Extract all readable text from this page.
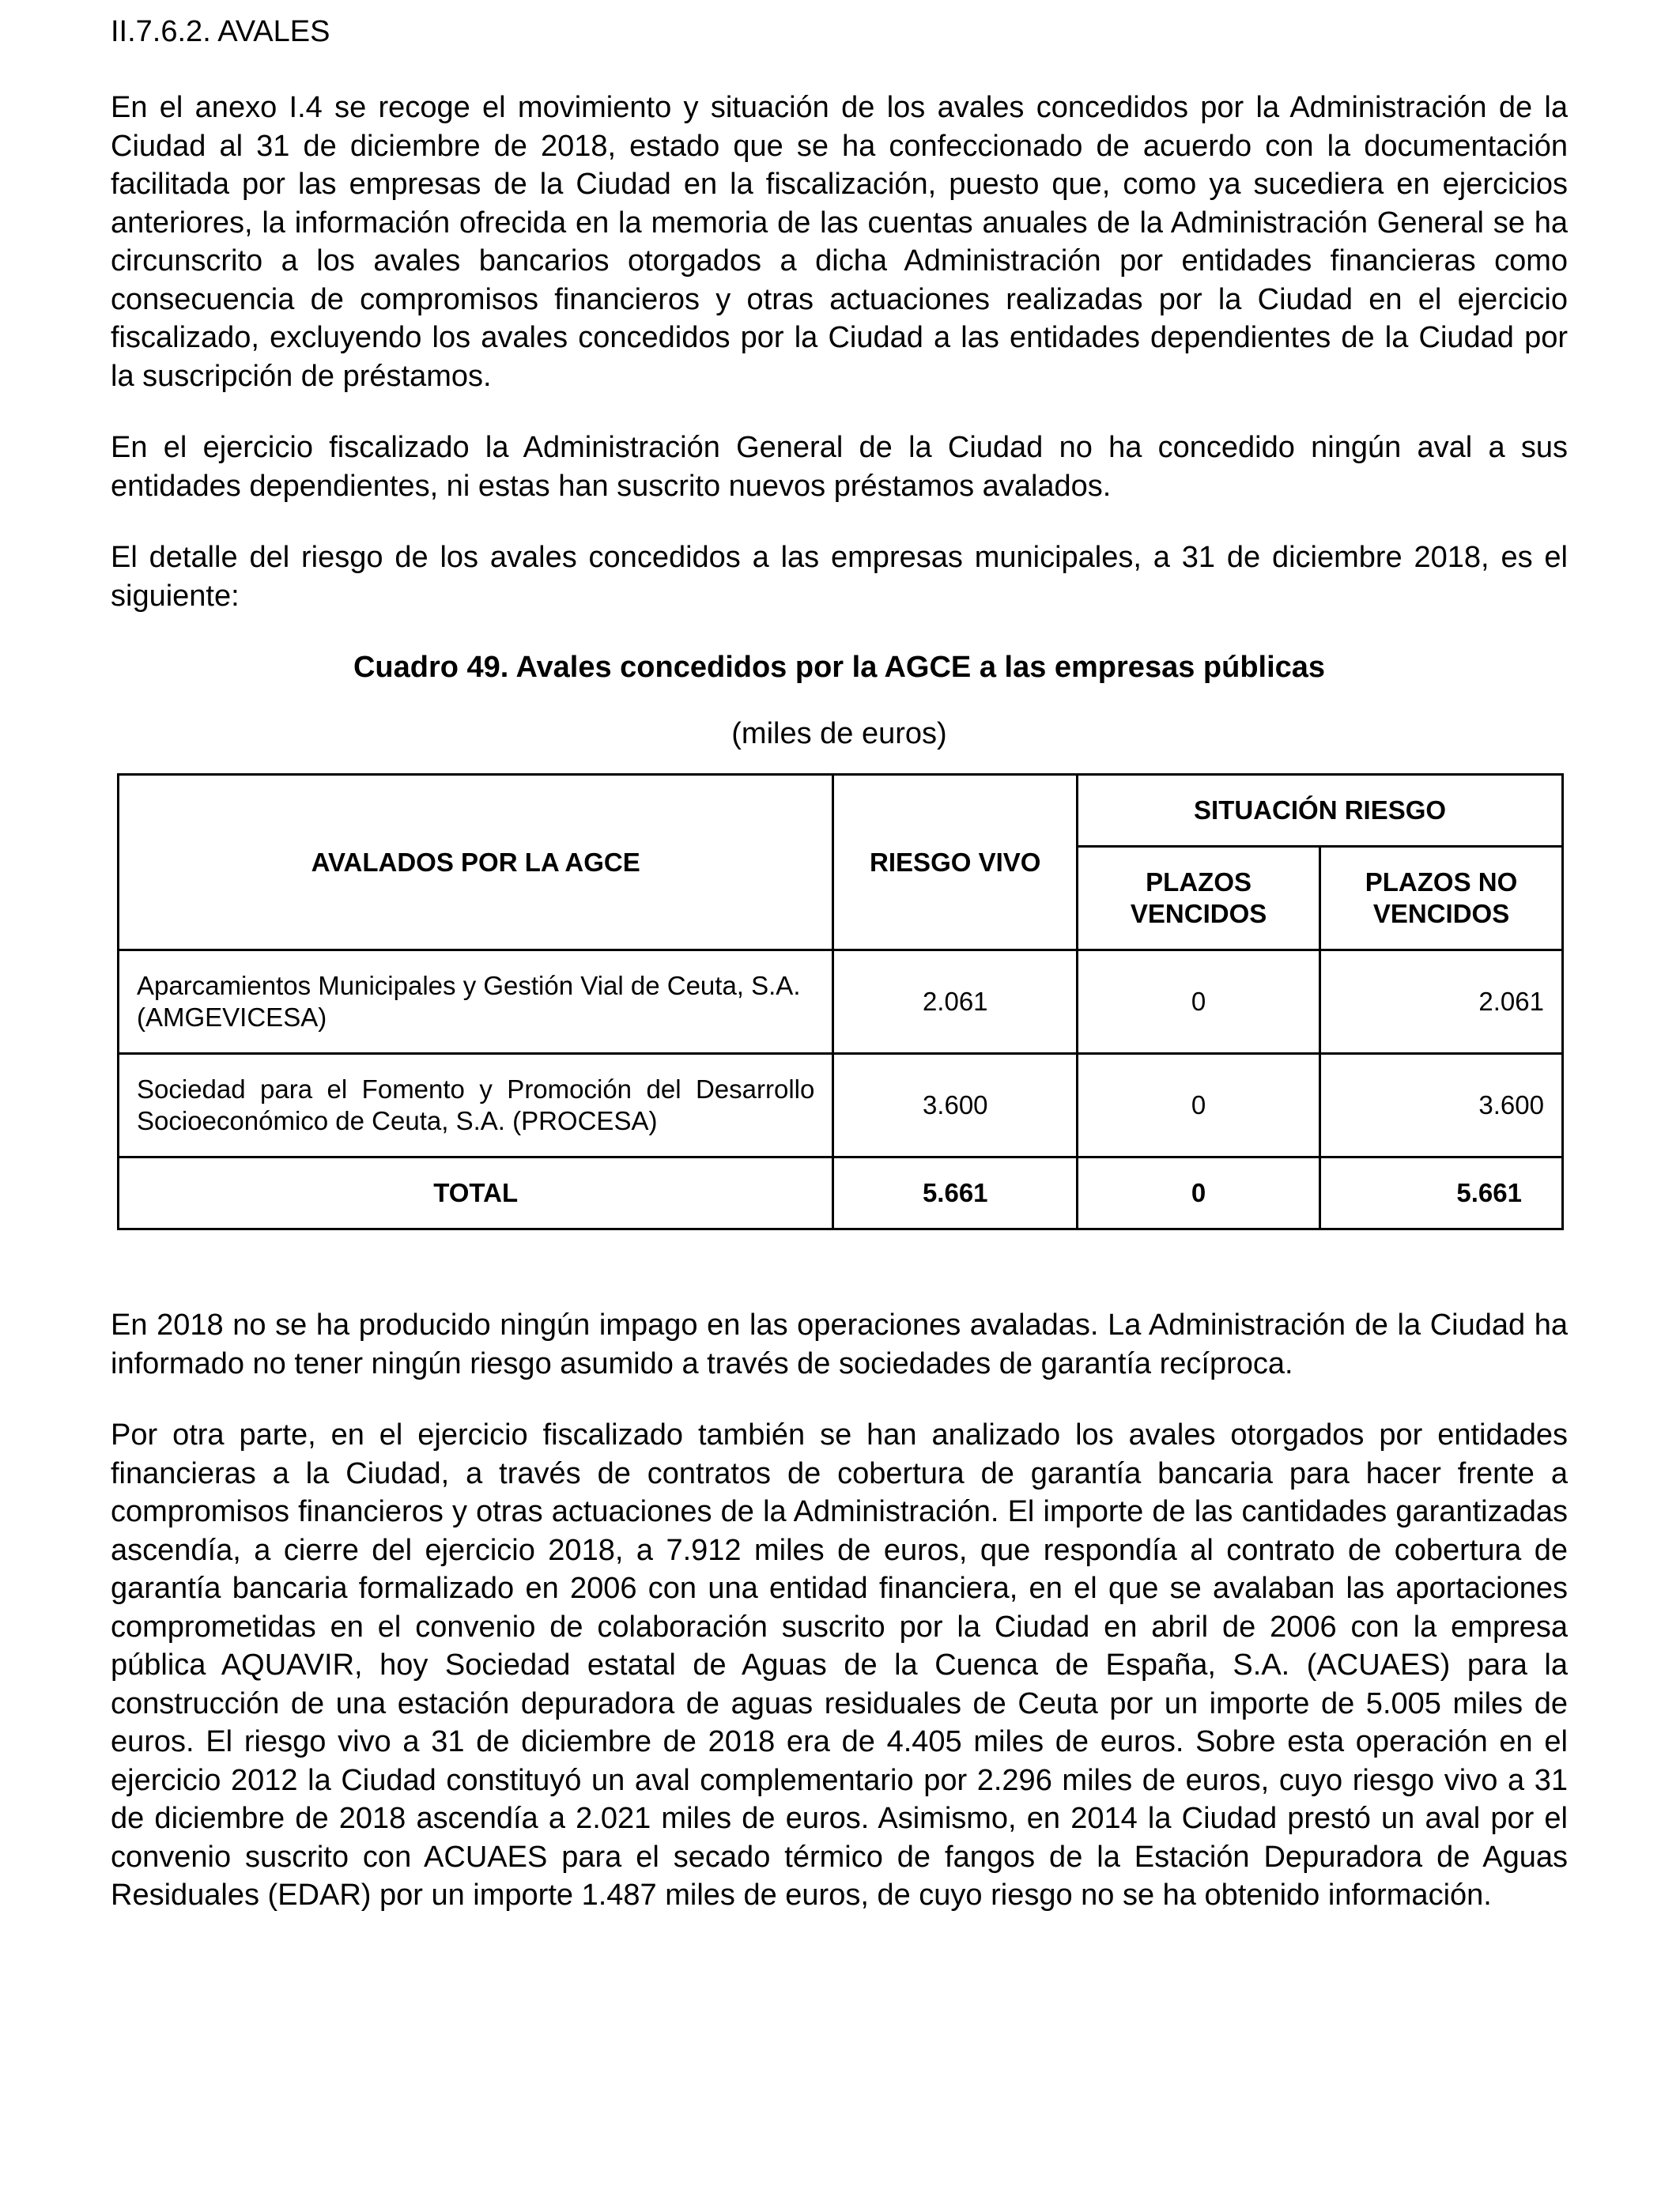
II.7.6.2. AVALES

En el anexo I.4 se recoge el movimiento y situación de los avales concedidos por la Administración de la Ciudad al 31 de diciembre de 2018, estado que se ha confeccionado de acuerdo con la documentación facilitada por las empresas de la Ciudad en la fiscalización, puesto que, como ya sucediera en ejercicios anteriores, la información ofrecida en la memoria de las cuentas anuales de la Administración General se ha circunscrito a los avales bancarios otorgados a dicha Administración por entidades financieras como consecuencia de compromisos financieros y otras actuaciones realizadas por la Ciudad en el ejercicio fiscalizado, excluyendo los avales concedidos por la Ciudad a las entidades dependientes de la Ciudad por la suscripción de préstamos.

En el ejercicio fiscalizado la Administración General de la Ciudad no ha concedido ningún aval a sus entidades dependientes, ni estas han suscrito nuevos préstamos avalados.

El detalle del riesgo de los avales concedidos a las empresas municipales, a 31 de diciembre 2018, es el siguiente:

Cuadro 49. Avales concedidos por la AGCE a las empresas públicas
(miles de euros)
AVALADOS POR LA AGCE	RIESGO VIVO	SITUACIÓN RIESGO	
		PLAZOS VENCIDOS	PLAZOS NO VENCIDOS
Aparcamientos Municipales y Gestión Vial de Ceuta, S.A. (AMGEVICESA)	2.061	0	2.061
Sociedad para el Fomento y Promoción del Desarrollo Socioeconómico de Ceuta, S.A. (PROCESA)	3.600	0	3.600
TOTAL	5.661	0	5.661

En 2018 no se ha producido ningún impago en las operaciones avaladas. La Administración de la Ciudad ha informado no tener ningún riesgo asumido a través de sociedades de garantía recíproca.

Por otra parte, en el ejercicio fiscalizado también se han analizado los avales otorgados por entidades financieras a la Ciudad, a través de contratos de cobertura de garantía bancaria para hacer frente a compromisos financieros y otras actuaciones de la Administración. El importe de las cantidades garantizadas ascendía, a cierre del ejercicio 2018, a 7.912 miles de euros, que respondía al contrato de cobertura de garantía bancaria formalizado en 2006 con una entidad financiera, en el que se avalaban las aportaciones comprometidas en el convenio de colaboración suscrito por la Ciudad en abril de 2006 con la empresa pública AQUAVIR, hoy Sociedad estatal de Aguas de la Cuenca de España, S.A. (ACUAES) para la construcción de una estación depuradora de aguas residuales de Ceuta por un importe de 5.005 miles de euros. El riesgo vivo a 31 de diciembre de 2018 era de 4.405 miles de euros. Sobre esta operación en el ejercicio 2012 la Ciudad constituyó un aval complementario por 2.296 miles de euros, cuyo riesgo vivo a 31 de diciembre de 2018 ascendía a 2.021 miles de euros. Asimismo, en 2014 la Ciudad prestó un aval por el convenio suscrito con ACUAES para el secado térmico de fangos de la Estación Depuradora de Aguas Residuales (EDAR) por un importe 1.487 miles de euros, de cuyo riesgo no se ha obtenido información.
